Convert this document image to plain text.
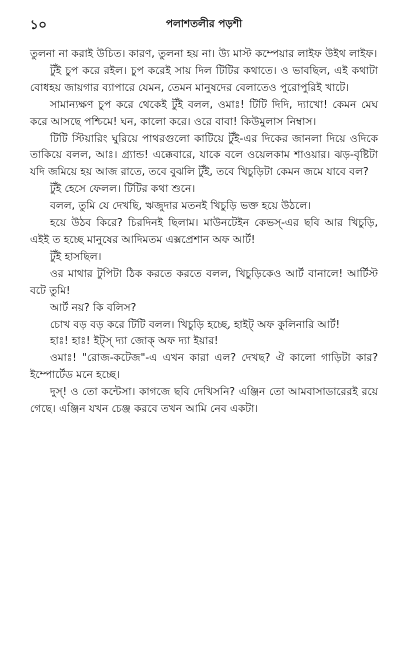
১০	পলাশতলীর পড়শী

তুলনা না করাই উচিত। কারণ, তুলনা হয় না। উ্য মাস্ট কম্পেয়ার লাইফ উইথ লাইফ।

টুঁই চুপ করে রইল। চুপ করেই সায় দিল টিটির কথাতে। ও ভাবছিল, এই কথাটা বোধহয় জায়গার ব্যাপারে যেমন, তেমন মানুষদের বেলাতেও পুরোপুরিই খাটে।

সামান্যক্ষণ চুপ করে থেকেই টুঁই বলল, ওমাঃ! টিটি দিদি, দ্যাখো! কেমন মেঘ করে আসছে পশ্চিমে! ঘন, কালো করে। ওরে বাবা! কিউমুলাস নিম্বাস।

টিটি স্টিয়ারিং ঘুরিয়ে পাথরগুলো কাটিয়ে টুঁই-এর দিকের জানলা দিয়ে ওদিকে তাকিয়ে বলল, আঃ। গ্র্যান্ড! এক্কেবারে, যাকে বলে ওয়েলকাম শাওয়ার। ঝড়-বৃষ্টিটা যদি জমিয়ে হয় আজ রাতে, তবে বুঝলি টুঁই, তবে খিচুড়িটা কেমন জমে যাবে বল?

টুঁই হেসে ফেলল। টিটির কথা শুনে।

বলল, তুমি যে দেখছি, ঋজুদার মতনই খিচুড়ি ভক্ত হয়ে উঠলে।

হয়ে উঠব কিরে? চিরদিনই ছিলাম। মাউনটেইন কেভস্-এর ছবি আর খিচুড়ি, এইই ত হচ্ছে মানুষের আদিমতম এক্সপ্রেশান অফ আর্ট!

টুঁই হাসছিল।

ওর মাথার টুপিটা ঠিক করতে করতে বলল, খিচুড়িকেও আর্ট বানালে! আর্টিস্ট বটে তুমি!

আর্ট নয়? কি বলিস?

চোখ বড় বড় করে টিটি বলল। খিচুড়ি হচ্ছে, হাইট্ অফ কুলিনারি আর্ট!

হাঃ! হাঃ! ইট্স্ দ্যা জোক্ অফ দ্যা ইয়ার!

ওমাঃ! "রোজ-কটেজ"-এ এখন কারা এল? দেখছ? ঐ কালো গাড়িটা কার? ইম্পোর্টেড মনে হচ্ছে।

দুস্! ও তো কন্টেসা। কাগজে ছবি দেখিসনি? এঞ্জিন তো আমবাসাডারেরই রয়ে গেছে। এঞ্জিন যখন চেঞ্জ করবে তখন আমি নেব একটা।
